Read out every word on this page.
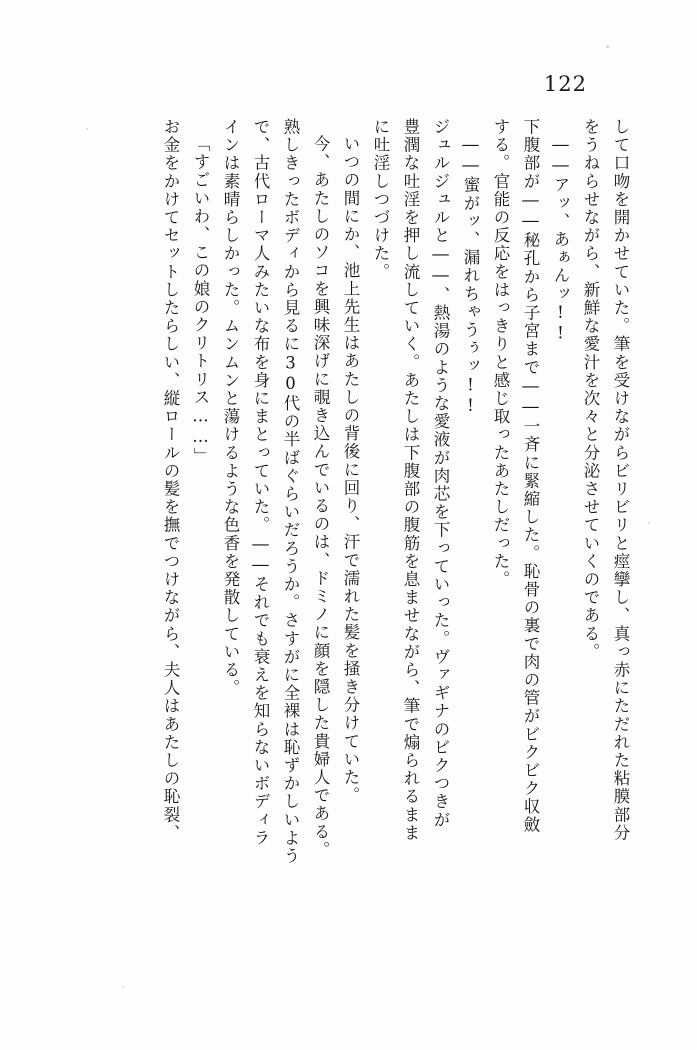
122
して口吻を開かせていた。筆を受けながらビリビリと痙攣し、真っ赤にただれた粘膜部分
をうねらせながら、新鮮な愛汁を次々と分泌させていくのである。
――アッ、あぁんッ!!
下腹部が――秘孔から子宮まで――一斉に緊縮した。恥骨の裏で肉の管がビクビク収斂
する。官能の反応をはっきりと感じ取ったあたしだった。
――蜜がッ、漏れちゃうぅッ!!
ジュルジュルと――、熱湯のような愛液が肉芯を下っていった。ヴァギナのビクつきが
豊潤な吐淫を押し流していく。あたしは下腹部の腹筋を息ませながら、筆で煽られるまま
に吐淫しつづけた。
いつの間にか、池上先生はあたしの背後に回り、汗で濡れた髪を掻き分けていた。
今、あたしのソコを興味深げに覗き込んでいるのは、ドミノに顔を隠した貴婦人である。
熟しきったボディから見るに30代の半ばぐらいだろうか。さすがに全裸は恥ずかしいよう
で、古代ローマ人みたいな布を身にまとっていた。――それでも衰えを知らないボディラ
インは素晴らしかった。ムンムンと蕩けるような色香を発散している。
「すごいわ、この娘のクリトリス……」
お金をかけてセットしたらしい、縦ロールの髪を撫でつけながら、夫人はあたしの恥裂、
